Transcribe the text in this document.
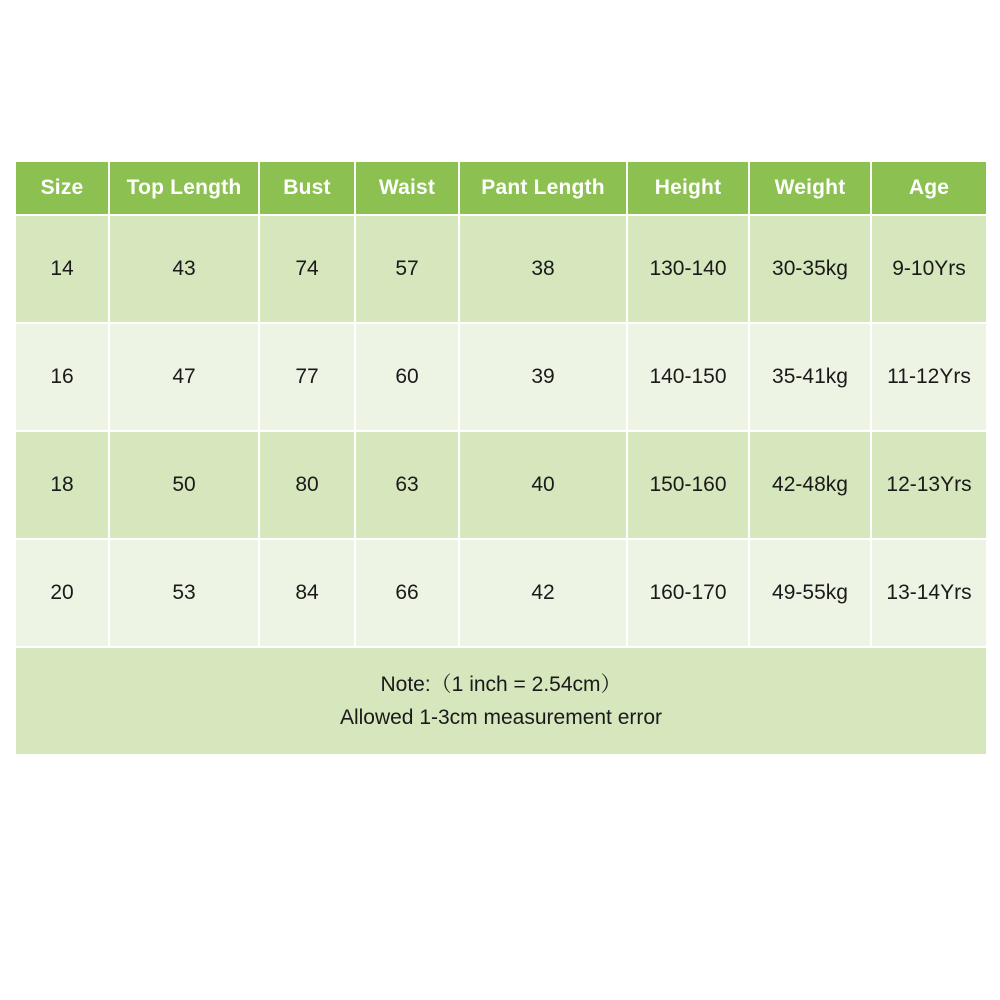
Size	Top Length	Bust	Waist	Pant Length	Height	Weight	Age
14	43	74	57	38	130-140	30-35kg	9-10Yrs
16	47	77	60	39	140-150	35-41kg	11-12Yrs
18	50	80	63	40	150-160	42-48kg	12-13Yrs
20	53	84	66	42	160-170	49-55kg	13-14Yrs

Note:（1 inch = 2.54cm）
Allowed 1-3cm measurement error							
